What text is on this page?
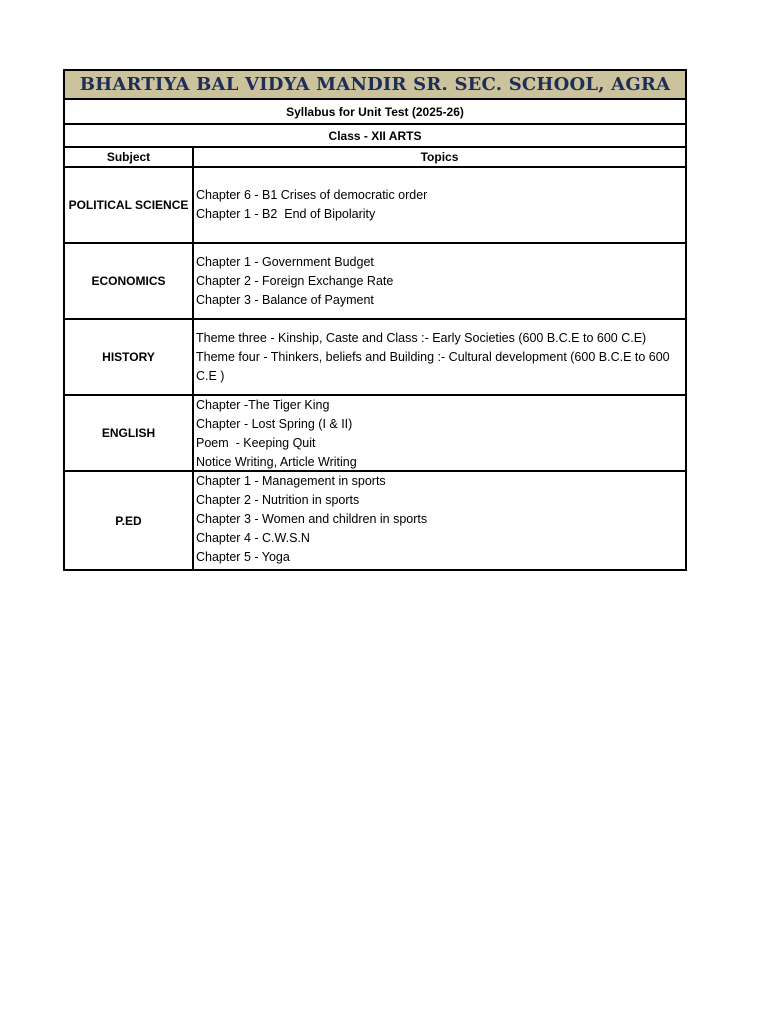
BHARTIYA BAL VIDYA MANDIR SR. SEC. SCHOOL, AGRA
Syllabus for Unit Test (2025-26)
Class - XII ARTS
Subject	Topics
POLITICAL SCIENCE
Chapter 6 - B1 Crises of democratic order
Chapter 1 - B2  End of Bipolarity
ECONOMICS
Chapter 1 - Government Budget
Chapter 2 - Foreign Exchange Rate
Chapter 3 - Balance of Payment
HISTORY
Theme three - Kinship, Caste and Class :- Early Societies (600 B.C.E to 600 C.E)
Theme four - Thinkers, beliefs and Building :- Cultural development (600 B.C.E to 600 C.E )
ENGLISH
Chapter -The Tiger King
Chapter - Lost Spring (I & II)
Poem  - Keeping Quit
Notice Writing, Article Writing
P.ED
Chapter 1 - Management in sports
Chapter 2 - Nutrition in sports
Chapter 3 - Women and children in sports
Chapter 4 - C.W.S.N
Chapter 5 - Yoga
